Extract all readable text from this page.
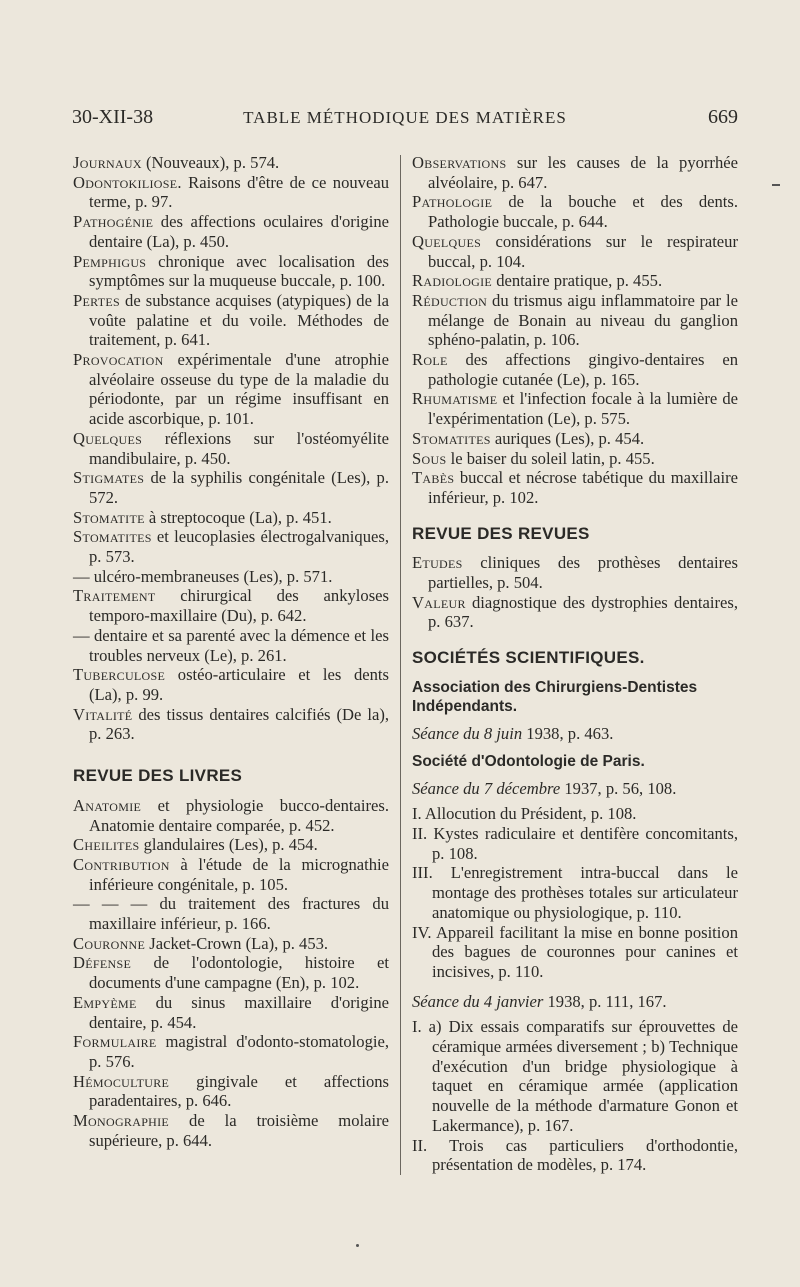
30-XII-38	TABLE MÉTHODIQUE DES MATIÈRES	669

Journaux (Nouveaux), p. 574.

Odontokiliose. Raisons d'être de ce nouveau terme, p. 97.

Pathogénie des affections oculaires d'origine dentaire (La), p. 450.

Pemphigus chronique avec localisation des symptômes sur la muqueuse buccale, p. 100.

Pertes de substance acquises (atypiques) de la voûte palatine et du voile. Méthodes de traitement, p. 641.

Provocation expérimentale d'une atrophie alvéolaire osseuse du type de la maladie du périodonte, par un régime insuffisant en acide ascorbique, p. 101.

Quelques réflexions sur l'ostéomyélite mandibulaire, p. 450.

Stigmates de la syphilis congénitale (Les), p. 572.

Stomatite à streptocoque (La), p. 451.

Stomatites et leucoplasies électrogalvaniques, p. 573.

— ulcéro-membraneuses (Les), p. 571.

Traitement chirurgical des ankyloses temporo-maxillaire (Du), p. 642.

— dentaire et sa parenté avec la démence et les troubles nerveux (Le), p. 261.

Tuberculose ostéo-articulaire et les dents (La), p. 99.

Vitalité des tissus dentaires calcifiés (De la), p. 263.

REVUE DES LIVRES

Anatomie et physiologie bucco-dentaires. Anatomie dentaire comparée, p. 452.

Cheilites glandulaires (Les), p. 454.

Contribution à l'étude de la micrognathie inférieure congénitale, p. 105.

— — — du traitement des fractures du maxillaire inférieur, p. 166.

Couronne Jacket-Crown (La), p. 453.

Défense de l'odontologie, histoire et documents d'une campagne (En), p. 102.

Empyème du sinus maxillaire d'origine dentaire, p. 454.

Formulaire magistral d'odonto-stomatologie, p. 576.

Hémoculture gingivale et affections paradentaires, p. 646.

Monographie de la troisième molaire supérieure, p. 644.

Observations sur les causes de la pyorrhée alvéolaire, p. 647.

Pathologie de la bouche et des dents. Pathologie buccale, p. 644.

Quelques considérations sur le respirateur buccal, p. 104.

Radiologie dentaire pratique, p. 455.

Réduction du trismus aigu inflammatoire par le mélange de Bonain au niveau du ganglion sphéno-palatin, p. 106.

Role des affections gingivo-dentaires en pathologie cutanée (Le), p. 165.

Rhumatisme et l'infection focale à la lumière de l'expérimentation (Le), p. 575.

Stomatites auriques (Les), p. 454.

Sous le baiser du soleil latin, p. 455.

Tabès buccal et nécrose tabétique du maxillaire inférieur, p. 102.

REVUE DES REVUES

Etudes cliniques des prothèses dentaires partielles, p. 504.

Valeur diagnostique des dystrophies dentaires, p. 637.

SOCIÉTÉS SCIENTIFIQUES.
Association des Chirurgiens-Dentistes Indépendants.

Séance du 8 juin 1938, p. 463.

Société d'Odontologie de Paris.

Séance du 7 décembre 1937, p. 56, 108.

I. Allocution du Président, p. 108.

II. Kystes radiculaire et dentifère concomitants, p. 108.

III. L'enregistrement intra-buccal dans le montage des prothèses totales sur articulateur anatomique ou physiologique, p. 110.

IV. Appareil facilitant la mise en bonne position des bagues de couronnes pour canines et incisives, p. 110.

Séance du 4 janvier 1938, p. 111, 167.

I. a) Dix essais comparatifs sur éprouvettes de céramique armées diversement ; b) Technique d'exécution d'un bridge physiologique à taquet en céramique armée (application nouvelle de la méthode d'armature Gonon et Lakermance), p. 167.

II. Trois cas particuliers d'orthodontie, présentation de modèles, p. 174.
